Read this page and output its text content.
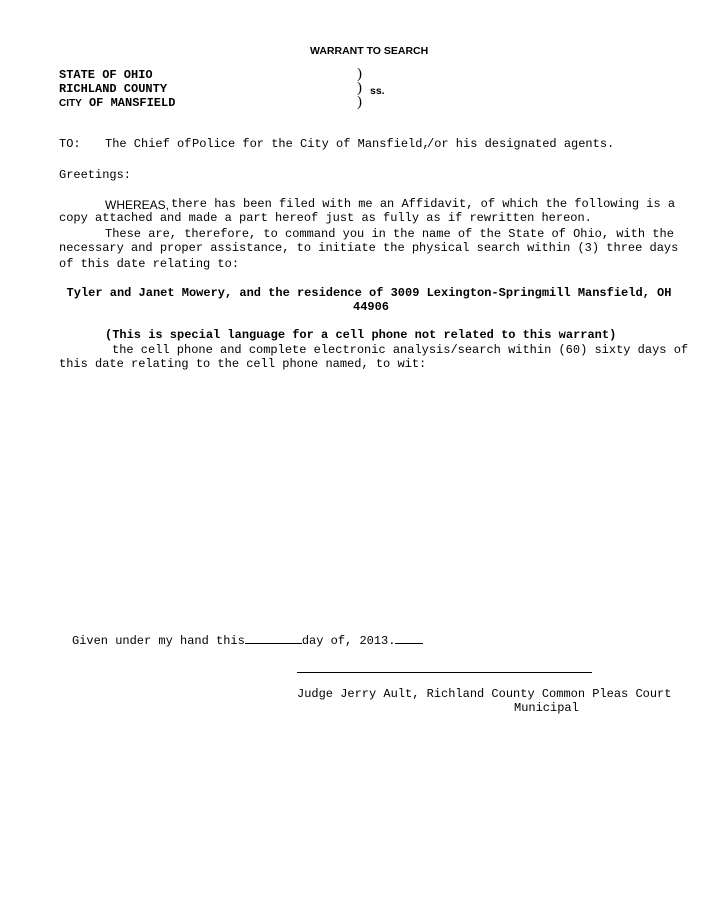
WARRANT TO SEARCH
STATE OF OHIO
RICHLAND COUNTY
CITY OF MANSFIELD
)
)
)
ss.
TO: The Chief of Police for the City of Mansfield,
/or his designated agents.
Greetings:
WHEREAS, there has been filed with me an Affidavit, of which the following is a
copy attached and made a part hereof just as fully as if rewritten hereon.
These are, therefore, to command you in the name of the State of Ohio, with the
necessary and proper assistance, to initiate the physical search within (3) three days
of this date relating to:
Tyler and Janet Mowery, and the residence of 3009 Lexington-Springmill Mansfield, OH
44906
(This is special language for a cell phone not related to this warrant)
the cell phone and complete electronic analysis/search within (60) sixty days of
this date relating to the cell phone named, to wit:
Given under my hand this	day of, 2013.
Judge Jerry Ault, Richland County Common Pleas Court
Municipal
